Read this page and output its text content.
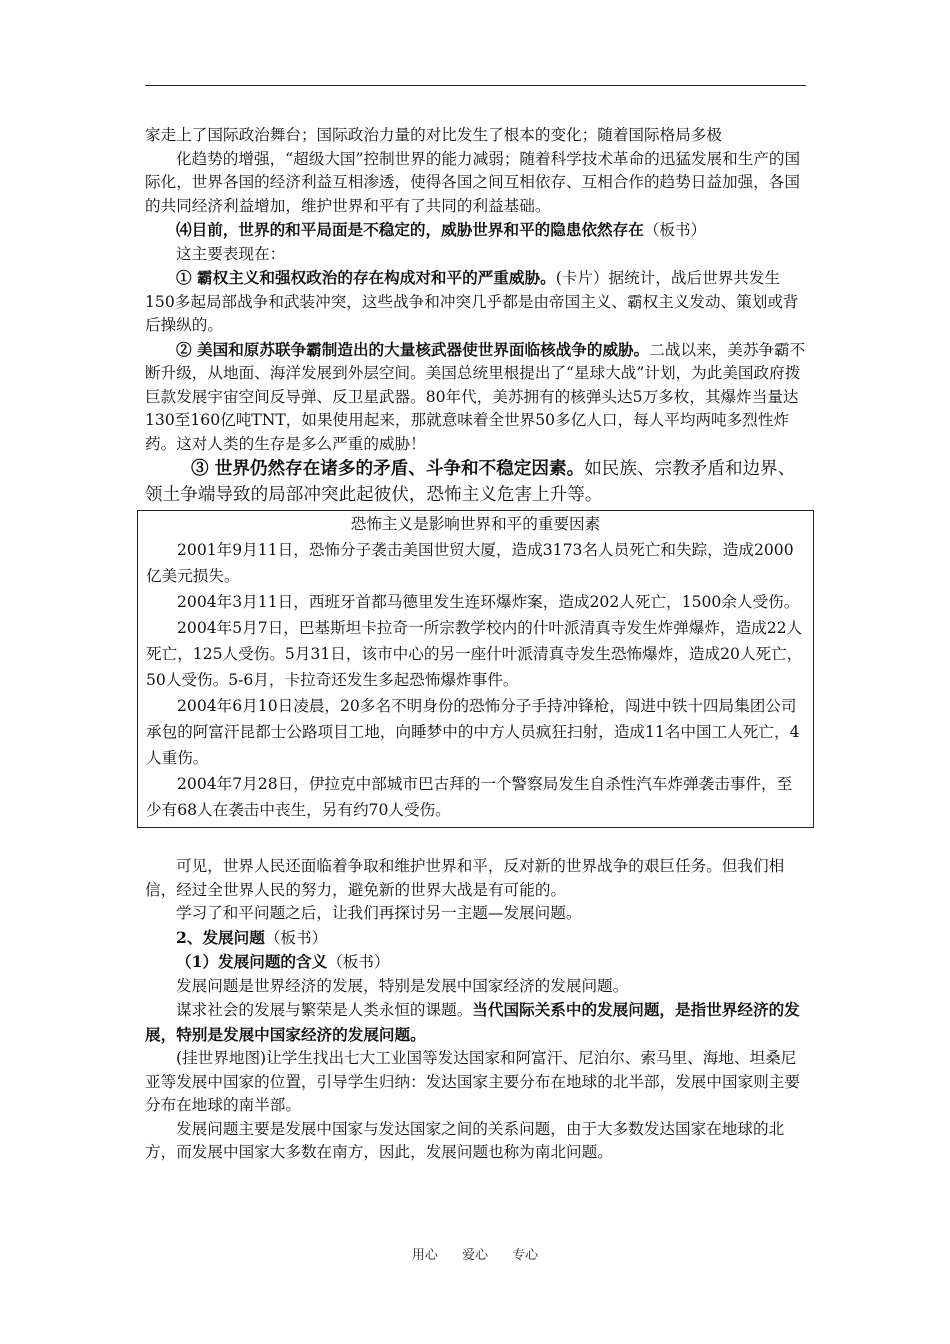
家走上了国际政治舞台；国际政治力量的对比发生了根本的变化；随着国际格局多极

化趋势的增强，“超级大国”控制世界的能力减弱；随着科学技术革命的迅猛发展和生产的国际化，世界各国的经济利益互相渗透，使得各国之间互相依存、互相合作的趋势日益加强，各国的共同经济利益增加，维护世界和平有了共同的利益基础。

⑷目前，世界的和平局面是不稳定的，威胁世界和平的隐患依然存在（板书）

这主要表现在：

① 霸权主义和强权政治的存在构成对和平的严重威胁。(卡片）据统计，战后世界共发生150多起局部战争和武装冲突，这些战争和冲突几乎都是由帝国主义、霸权主义发动、策划或背后操纵的。

② 美国和原苏联争霸制造出的大量核武器使世界面临核战争的威胁。二战以来，美苏争霸不断升级，从地面、海洋发展到外层空间。美国总统里根提出了“星球大战”计划，为此美国政府拨巨款发展宇宙空间反导弹、反卫星武器。80年代，美苏拥有的核弹头达5万多枚，其爆炸当量达130至160亿吨TNT，如果使用起来，那就意味着全世界50多亿人口，每人平均两吨多烈性炸药。这对人类的生存是多么严重的威胁！

③ 世界仍然存在诸多的矛盾、斗争和不稳定因素。如民族、宗教矛盾和边界、领土争端导致的局部冲突此起彼伏，恐怖主义危害上升等。

恐怖主义是影响世界和平的重要因素

2001年9月11日，恐怖分子袭击美国世贸大厦，造成3173名人员死亡和失踪，造成2000亿美元损失。

2004年3月11日，西班牙首都马德里发生连环爆炸案，造成202人死亡，1500余人受伤。

2004年5月7日，巴基斯坦卡拉奇一所宗教学校内的什叶派清真寺发生炸弹爆炸，造成22人死亡，125人受伤。5月31日，该市中心的另一座什叶派清真寺发生恐怖爆炸，造成20人死亡，50人受伤。5-6月，卡拉奇还发生多起恐怖爆炸事件。

2004年6月10日凌晨，20多名不明身份的恐怖分子手持冲锋枪，闯进中铁十四局集团公司承包的阿富汗昆都士公路项目工地，向睡梦中的中方人员疯狂扫射，造成11名中国工人死亡，4人重伤。

2004年7月28日，伊拉克中部城市巴古拜的一个警察局发生自杀性汽车炸弹袭击事件，至少有68人在袭击中丧生，另有约70人受伤。

可见，世界人民还面临着争取和维护世界和平，反对新的世界战争的艰巨任务。但我们相信，经过全世界人民的努力，避免新的世界大战是有可能的。

学习了和平问题之后，让我们再探讨另一主题—发展问题。

2、发展问题（板书）

（1）发展问题的含义（板书）

发展问题是世界经济的发展，特别是发展中国家经济的发展问题。

谋求社会的发展与繁荣是人类永恒的课题。当代国际关系中的发展问题，是指世界经济的发展，特别是发展中国家经济的发展问题。

(挂世界地图)让学生找出七大工业国等发达国家和阿富汗、尼泊尔、索马里、海地、坦桑尼亚等发展中国家的位置，引导学生归纳：发达国家主要分布在地球的北半部，发展中国家则主要分布在地球的南半部。

发展问题主要是发展中国家与发达国家之间的关系问题，由于大多数发达国家在地球的北方，而发展中国家大多数在南方，因此，发展问题也称为南北问题。

用心 爱心 专心
